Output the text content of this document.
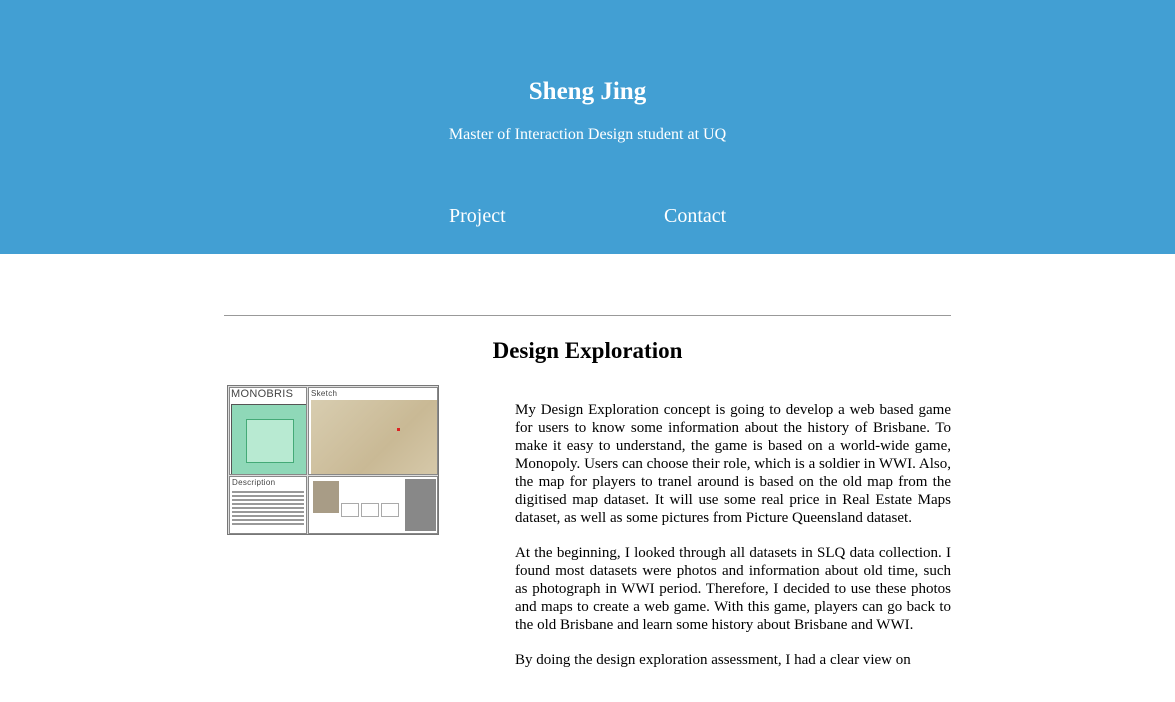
Sheng Jing
Master of Interaction Design student at UQ
Project	Contact
Design Exploration
MONOBRIS	Sketch
Description

My Design Exploration concept is going to develop a web based game for users to know some information about the history of Brisbane. To make it easy to understand, the game is based on a world-wide game, Monopoly. Users can choose their role, which is a soldier in WWI. Also, the map for players to tranel around is based on the old map from the digitised map dataset. It will use some real price in Real Estate Maps dataset, as well as some pictures from Picture Queensland dataset.

At the beginning, I looked through all datasets in SLQ data collection. I found most datasets were photos and information about old time, such as photograph in WWI period. Therefore, I decided to use these photos and maps to create a web game. With this game, players can go back to the old Brisbane and learn some history about Brisbane and WWI.

By doing the design exploration assessment, I had a clear view on
